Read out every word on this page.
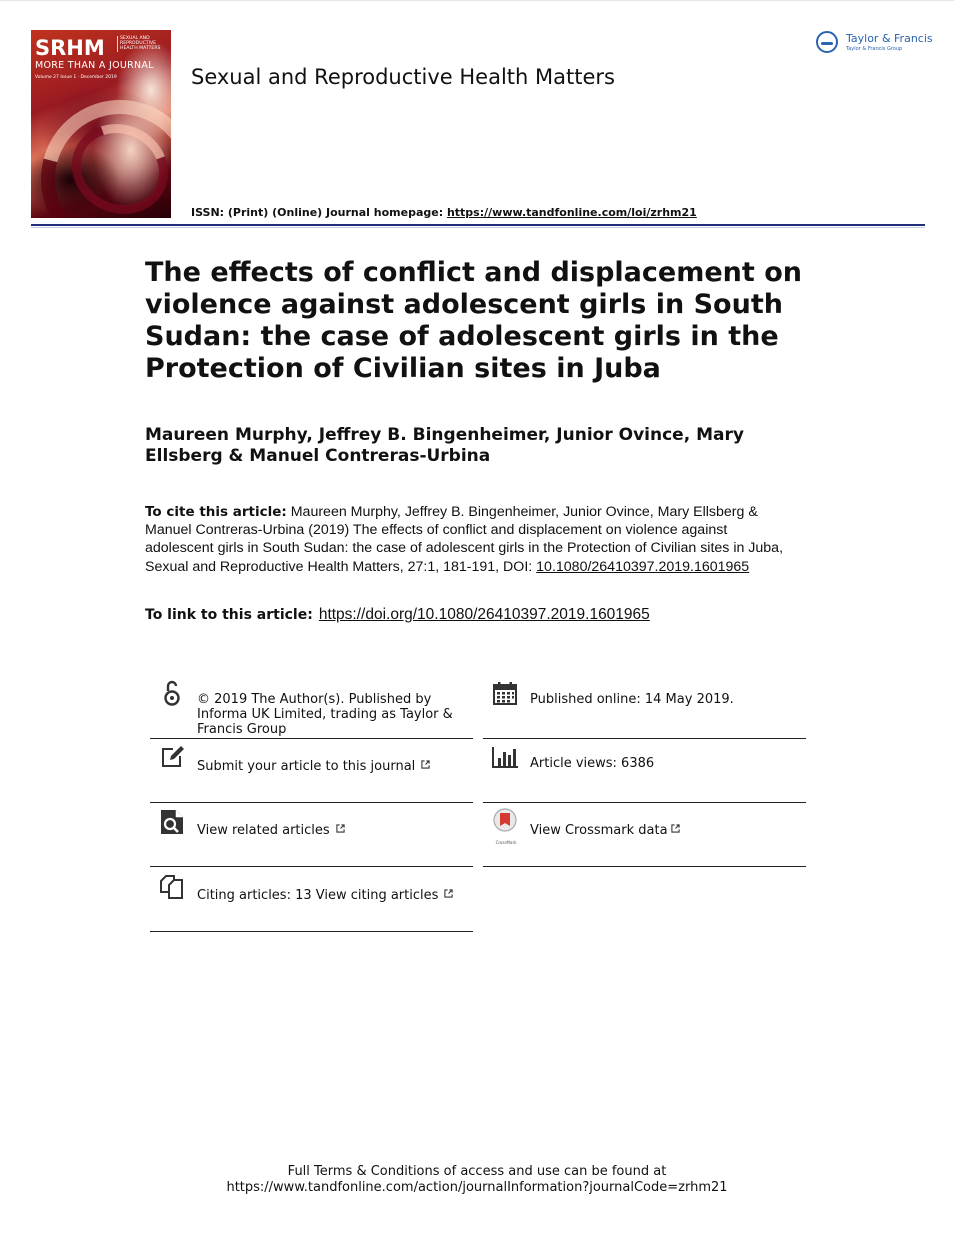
SRHM	SEXUAL AND REPRODUCTIVE HEALTH MATTERS
MORE THAN A JOURNAL
Volume 27 Issue 1 · December 2019	Sexual and Reproductive Health Matters
Taylor & Francis
Taylor & Francis Group
ISSN: (Print) (Online) Journal homepage: https://www.tandfonline.com/loi/zrhm21
The effects of conflict and displacement on violence against adolescent girls in South Sudan: the case of adolescent girls in the Protection of Civilian sites in Juba
Maureen Murphy, Jeffrey B. Bingenheimer, Junior Ovince, Mary Ellsberg & Manuel Contreras-Urbina
To cite this article: Maureen Murphy, Jeffrey B. Bingenheimer, Junior Ovince, Mary Ellsberg & Manuel Contreras-Urbina (2019) The effects of conflict and displacement on violence against adolescent girls in South Sudan: the case of adolescent girls in the Protection of Civilian sites in Juba, Sexual and Reproductive Health Matters, 27:1, 181-191, DOI: 10.1080/26410397.2019.1601965
To link to this article: https://doi.org/10.1080/26410397.2019.1601965
© 2019 The Author(s). Published by Informa UK Limited, trading as Taylor & Francis Group
Published online: 14 May 2019.
Submit your article to this journal	Article views: 6386
View related articles
CrossMark
View Crossmark data
Citing articles: 13 View citing articles
Full Terms & Conditions of access and use can be found at
https://www.tandfonline.com/action/journalInformation?journalCode=zrhm21
